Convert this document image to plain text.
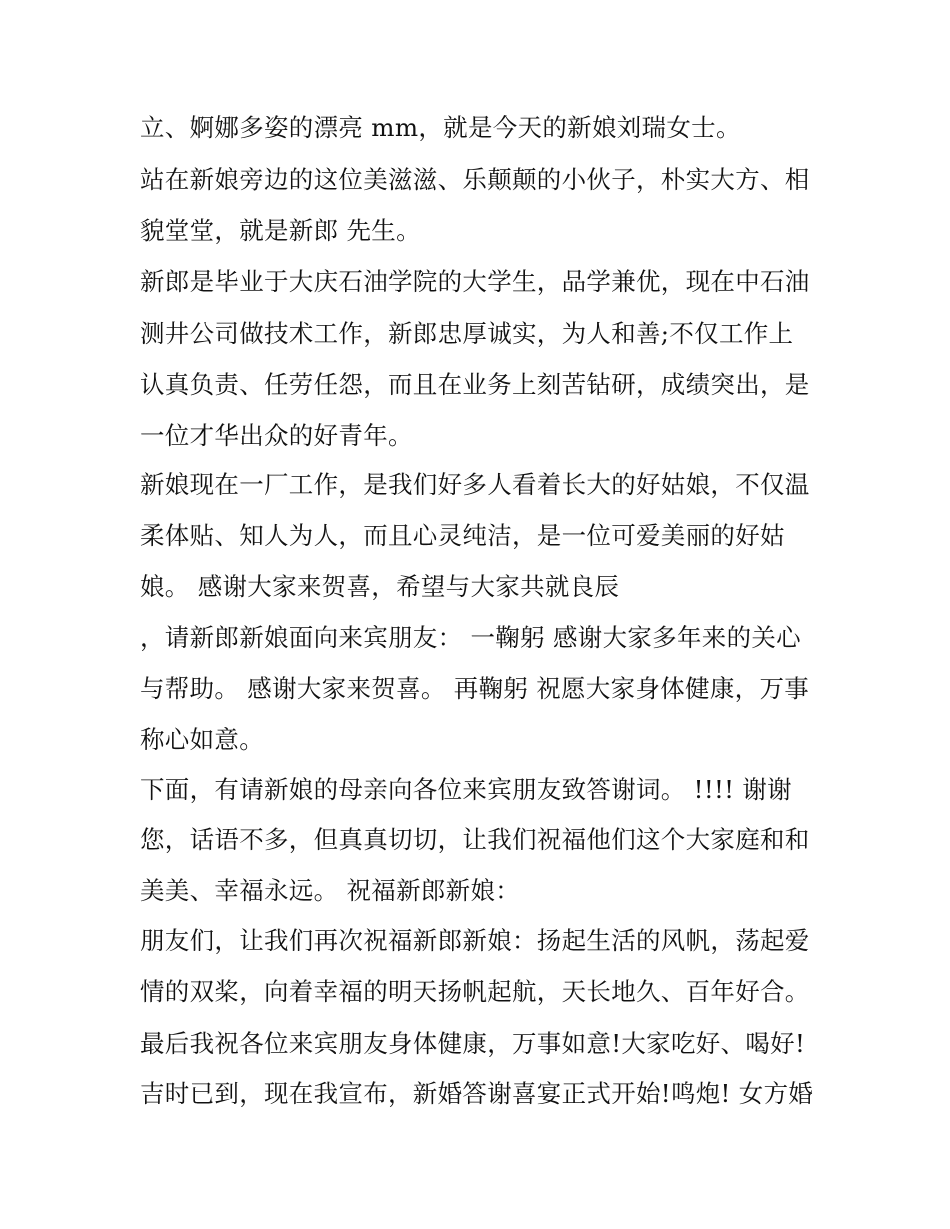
立、婀娜多姿的漂亮 mm，就是今天的新娘刘瑞女士。
站在新娘旁边的这位美滋滋、乐颠颠的小伙子，朴实大方、相
貌堂堂，就是新郎 先生。
新郎是毕业于大庆石油学院的大学生，品学兼优，现在中石油
测井公司做技术工作，新郎忠厚诚实，为人和善;不仅工作上
认真负责、任劳任怨，而且在业务上刻苦钻研，成绩突出，是
一位才华出众的好青年。
新娘现在一厂工作，是我们好多人看着长大的好姑娘，不仅温
柔体贴、知人为人，而且心灵纯洁，是一位可爱美丽的好姑
娘。 感谢大家来贺喜，希望与大家共就良辰
，请新郎新娘面向来宾朋友： 一鞠躬 感谢大家多年来的关心
与帮助。 感谢大家来贺喜。 再鞠躬 祝愿大家身体健康，万事
称心如意。
下面，有请新娘的母亲向各位来宾朋友致答谢词。 !!!! 谢谢
您，话语不多，但真真切切，让我们祝福他们这个大家庭和和
美美、幸福永远。 祝福新郎新娘：
朋友们，让我们再次祝福新郎新娘：扬起生活的风帆，荡起爱
情的双桨，向着幸福的明天扬帆起航，天长地久、百年好合。
最后我祝各位来宾朋友身体健康，万事如意!大家吃好、喝好!
吉时已到，现在我宣布，新婚答谢喜宴正式开始!鸣炮! 女方婚
